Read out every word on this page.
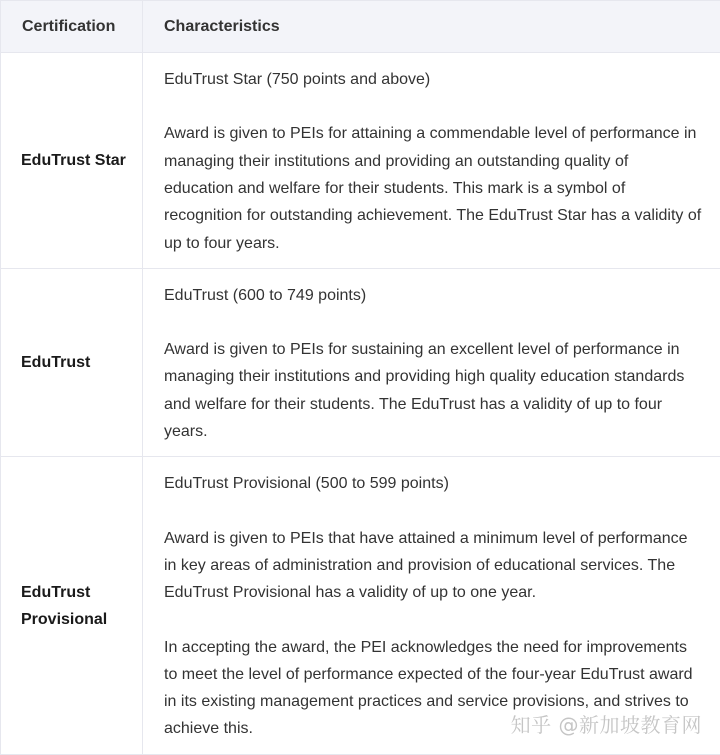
Certification	Characteristics
EduTrust Star	EduTrust Star (750 points and above)

Award is given to PEIs for attaining a commendable level of performance in managing their institutions and providing an outstanding quality of education and welfare for their students. This mark is a symbol of recognition for outstanding achievement. The EduTrust Star has a validity of up to four years.

EduTrust	EduTrust (600 to 749 points)

Award is given to PEIs for sustaining an excellent level of performance in managing their institutions and providing high quality education standards and welfare for their students. The EduTrust has a validity of up to four years.

EduTrust Provisional	EduTrust Provisional (500 to 599 points)

Award is given to PEIs that have attained a minimum level of performance in key areas of administration and provision of educational services. The EduTrust Provisional has a validity of up to one year.

In accepting the award, the PEI acknowledges the need for improvements to meet the level of performance expected of the four-year EduTrust award in its existing management practices and service provisions, and strives to achieve this.	知乎 @新加坡教育网
